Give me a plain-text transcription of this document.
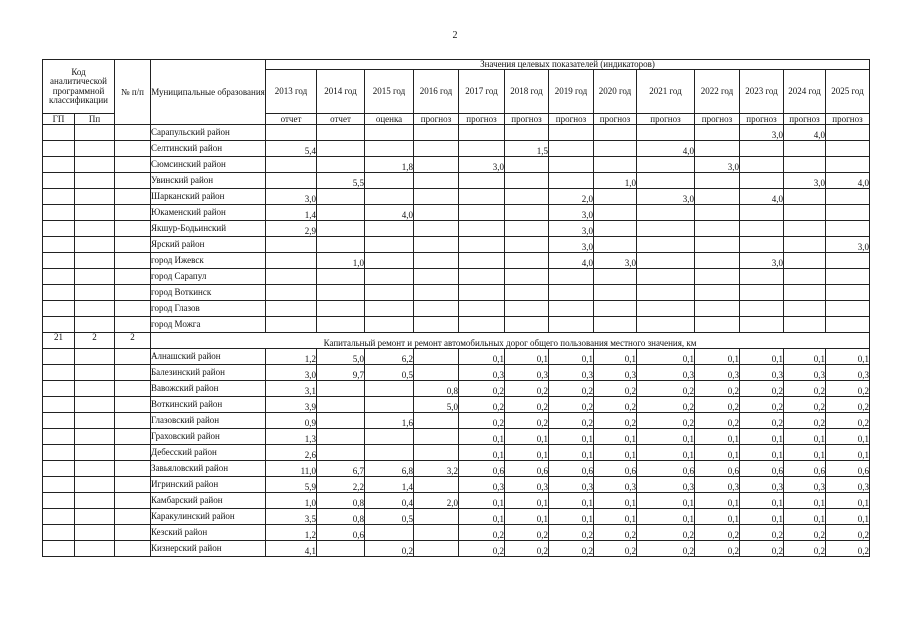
2
Код аналитической программной классификации		№ п/п	Муниципальные образования	Значения целевых показателей (индикаторов)												
				2013 год	2014 год	2015 год	2016 год	2017 год	2018 год	2019 год	2020 год	2021 год	2022 год	2023 год	2024 год	2025 год
ГП	Пп			отчет	отчет	оценка	прогноз	прогноз	прогноз	прогноз	прогноз	прогноз	прогноз	прогноз	прогноз	прогноз
			Сарапульский район											3,0	4,0	
			Селтинский район	5,4					1,5			4,0				
			Сюмсинский район			1,8		3,0					3,0			
			Увинский район		5,5						1,0				3,0	4,0
			Шарканский район	3,0						2,0		3,0		4,0		
			Юкаменский район	1,4		4,0				3,0						
			Якшур-Бодьинский	2,9						3,0						
			Ярский район							3,0						3,0
			город Ижевск		1,0					4,0	3,0			3,0		
			город Сарапул													
			город Воткинск													
			город Глазов													
			город Можга													
21	2	2	Капитальный ремонт и ремонт автомобильных дорог общего пользования местного значения, км													
			Алнашский район	1,2	5,0	6,2		0,1	0,1	0,1	0,1	0,1	0,1	0,1	0,1	0,1
			Балезинский район	3,0	9,7	0,5		0,3	0,3	0,3	0,3	0,3	0,3	0,3	0,3	0,3
			Вавожский район	3,1			0,8	0,2	0,2	0,2	0,2	0,2	0,2	0,2	0,2	0,2
			Воткинский район	3,9			5,0	0,2	0,2	0,2	0,2	0,2	0,2	0,2	0,2	0,2
			Глазовский район	0,9		1,6		0,2	0,2	0,2	0,2	0,2	0,2	0,2	0,2	0,2
			Граховский район	1,3				0,1	0,1	0,1	0,1	0,1	0,1	0,1	0,1	0,1
			Дебесский район	2,6				0,1	0,1	0,1	0,1	0,1	0,1	0,1	0,1	0,1
			Завьяловский район	11,0	6,7	6,8	3,2	0,6	0,6	0,6	0,6	0,6	0,6	0,6	0,6	0,6
			Игринский район	5,9	2,2	1,4		0,3	0,3	0,3	0,3	0,3	0,3	0,3	0,3	0,3
			Камбарский район	1,0	0,8	0,4	2,0	0,1	0,1	0,1	0,1	0,1	0,1	0,1	0,1	0,1
			Каракулинский район	3,5	0,8	0,5		0,1	0,1	0,1	0,1	0,1	0,1	0,1	0,1	0,1
			Кезский район	1,2	0,6			0,2	0,2	0,2	0,2	0,2	0,2	0,2	0,2	0,2
			Кизнерский район	4,1		0,2		0,2	0,2	0,2	0,2	0,2	0,2	0,2	0,2	0,2
